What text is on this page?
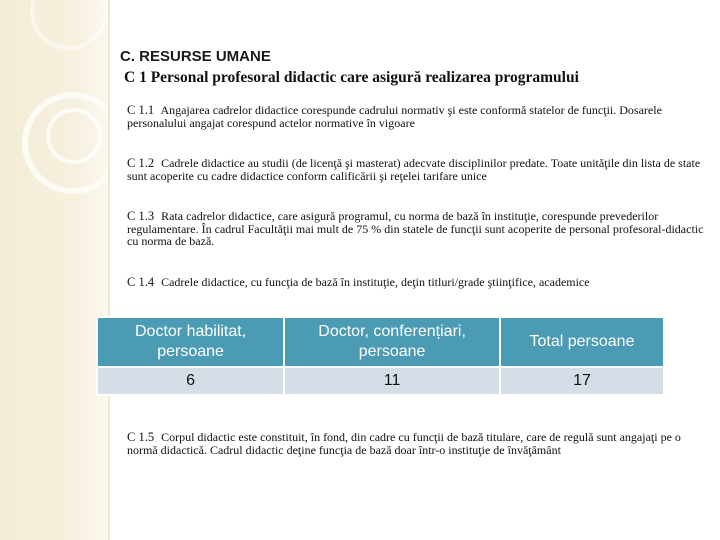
C. RESURSE UMANE
C 1 Personal profesoral didactic care asigură realizarea programului

C 1.1 Angajarea cadrelor didactice corespunde cadrului normativ şi este conformă statelor de funcţii. Dosarele personalului angajat corespund actelor normative în vigoare

C 1.2 Cadrele didactice au studii (de licenţă şi masterat) adecvate disciplinilor predate. Toate unităţile din lista de state sunt acoperite cu cadre didactice conform calificării şi reţelei tarifare unice

C 1.3 Rata cadrelor didactice, care asigură programul, cu norma de bază în instituţie, corespunde prevederilor regulamentare. În cadrul Facultăţii mai mult de 75 % din statele de funcţii sunt acoperite de personal profesoral-didactic cu norma de bază.

C 1.4 Cadrele didactice, cu funcţia de bază în instituţie, deţin titluri/grade ştiinţifice, academice

Doctor habilitat, persoane	Doctor, conferențiari, persoane	Total persoane
6	11	17

C 1.5 Corpul didactic este constituit, în fond, din cadre cu funcţii de bază titulare, care de regulă sunt angajaţi pe o normă didactică. Cadrul didactic deţine funcţia de bază doar într-o instituţie de învăţământ
